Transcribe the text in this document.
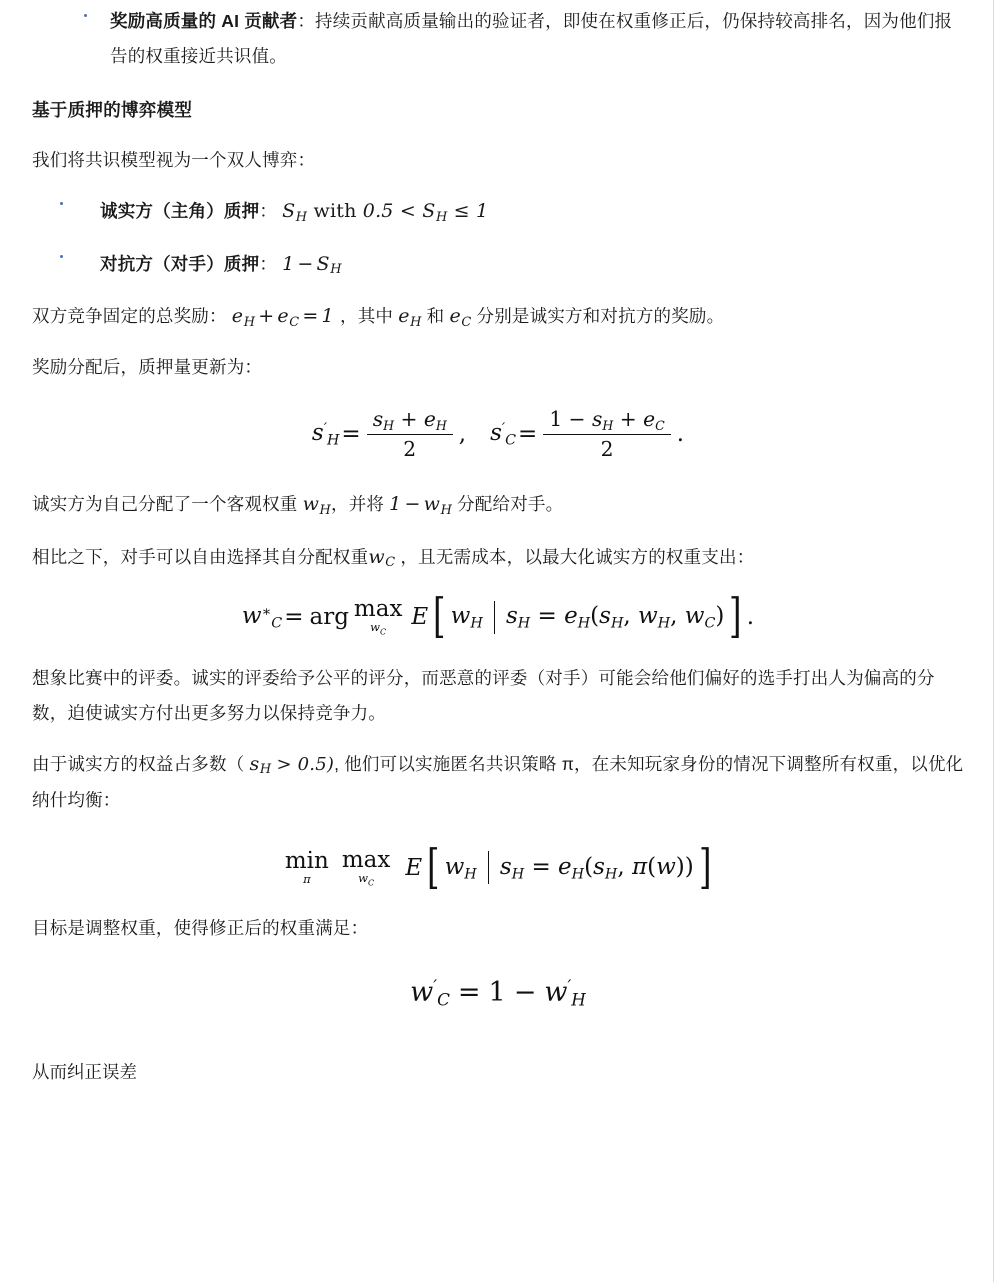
奖励高质量的 AI 贡献者：持续贡献高质量输出的验证者，即使在权重修正后，仍保持较高排名，因为他们报告的权重接近共识值。
基于质押的博弈模型
我们将共识模型视为一个双人博弈：
诚实方（主角）质押： $S_H$ with $0.5 < S_H \le 1$
对抗方（对手）质押： $1 - S_H$
双方竞争固定的总奖励： $e_H + e_C = 1$ ，其中 $e_H$ 和 $e_C$ 分别是诚实方和对抗方的奖励。
奖励分配后，质押量更新为：
$s'_H = \frac{s_H + e_H}{2}$ ,	$s'_C = \frac{1 - s_H + e_C}{2}$ .
诚实方为自己分配了一个客观权重 $w_H$，并将 $1 - w_H$ 分配给对手。
相比之下，对手可以自由选择其自分配权重$w_C$ ，且无需成本，以最大化诚实方的权重支出：
$w^∗_C$ = arg max
$w_C$
E [ $w_H$ $s_H = e_H(s_H$, $w_H$, $w_C$) ] .
想象比赛中的评委。诚实的评委给予公平的评分，而恶意的评委（对手）可能会给他们偏好的选手打出人为偏高的分数，迫使诚实方付出更多努力以保持竞争力。
由于诚实方的权益占多数（ $s_H > 0.5$), 他们可以实施匿名共识策略 π，在未知玩家身份的情况下调整所有权重，以优化纳什均衡：
min
π
max
$w_C$
E [ $w_H$ $s_H = e_H(s_H$, π(w)) ]
目标是调整权重，使得修正后的权重满足：
$w'_C = 1 - w'_H$
从而纠正误差
